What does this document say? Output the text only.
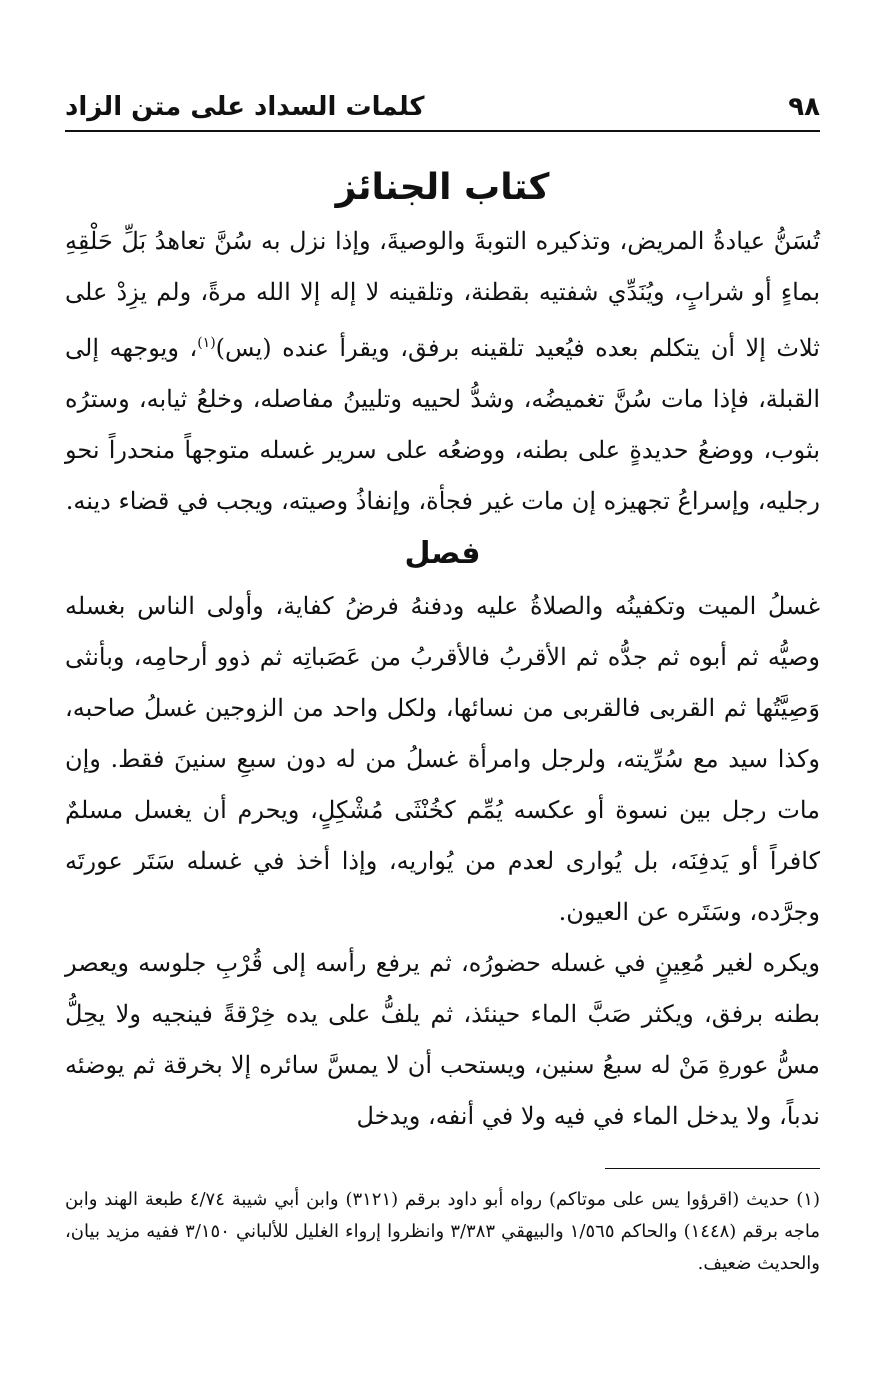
٩٨
كلمات السداد على متن الزاد
كتاب الجنائز

تُسَنُّ عيادةُ المريض، وتذكيره التوبةَ والوصيةَ، وإذا نزل به سُنَّ تعاهدُ بَلِّ حَلْقِهِ بماءٍ أو شرابٍ، ويُنَدِّي شفتيه بقطنة، وتلقينه لا إله إلا الله مرةً، ولم يزِدْ على ثلاث إلا أن يتكلم بعده فيُعيد تلقينه برفق، ويقرأ عنده (يس)$^{(١)}$، ويوجهه إلى القبلة، فإذا مات سُنَّ تغميضُه، وشدُّ لحييه وتليينُ مفاصله، وخلعُ ثيابه، وسترُه بثوب، ووضعُ حديدةٍ على بطنه، ووضعُه على سرير غسله متوجهاً منحدراً نحو رجليه، وإسراعُ تجهيزه إن مات غير فجأة، وإنفاذُ وصيته، ويجب في قضاء دينه.

فصل

غسلُ الميت وتكفينُه والصلاةُ عليه ودفنهُ فرضُ كفاية، وأولى الناس بغسله وصيُّه ثم أبوه ثم جدُّه ثم الأقربُ فالأقربُ من عَصَباتِه ثم ذوو أرحامِه، وبأنثى وَصِيَّتُها ثم القربى فالقربى من نسائها، ولكل واحد من الزوجين غسلُ صاحبه، وكذا سيد مع سُرِّيته، ولرجل وامرأة غسلُ من له دون سبعِ سنينَ فقط. وإن مات رجل بين نسوة أو عكسه يُمِّم كخُنْثَى مُشْكِلٍ، ويحرم أن يغسل مسلمٌ كافراً أو يَدفِنَه، بل يُوارى لعدم من يُواريه، وإذا أخذ في غسله سَتَر عورتَه وجرَّده، وسَتَره عن العيون.

ويكره لغير مُعِينٍ في غسله حضورُه، ثم يرفع رأسه إلى قُرْبِ جلوسه ويعصر بطنه برفق، ويكثر صَبَّ الماء حينئذ، ثم يلفُّ على يده خِرْقةً فينجيه ولا يحِلُّ مسُّ عورةِ مَنْ له سبعُ سنين، ويستحب أن لا يمسَّ سائره إلا بخرقة ثم يوضئه ندباً، ولا يدخل الماء في فيه ولا في أنفه، ويدخل

(١) حديث (اقرؤوا يس على موتاكم) رواه أبو داود برقم (٣١٢١) وابن أبي شيبة ٤/٧٤ طبعة الهند وابن ماجه برقم (١٤٤٨) والحاكم ١/٥٦٥ والبيهقي ٣/٣٨٣ وانظروا إرواء الغليل للألباني ٣/١٥٠ ففيه مزيد بيان، والحديث ضعيف.
